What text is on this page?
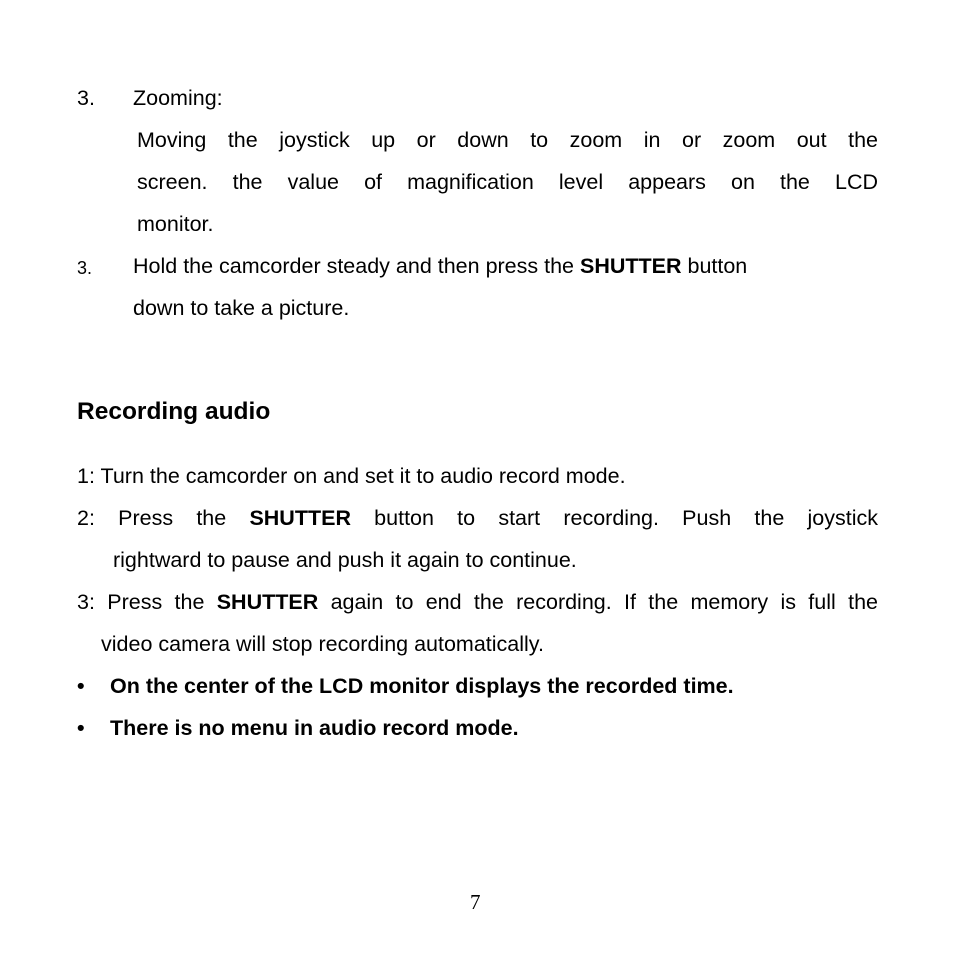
3. Zooming:
Moving the joystick up or down to zoom in or zoom out the
screen. the value of magnification level appears on the LCD
monitor.
3. Hold the camcorder steady and then press the SHUTTER button
down to take a picture.
Recording audio
1: Turn the camcorder on and set it to audio record mode.
2: Press the SHUTTER button to start recording. Push the joystick
rightward to pause and push it again to continue.
3: Press the SHUTTER again to end the recording. If the memory is full the
video camera will stop recording automatically.
• On the center of the LCD monitor displays the recorded time.
• There is no menu in audio record mode.
7
